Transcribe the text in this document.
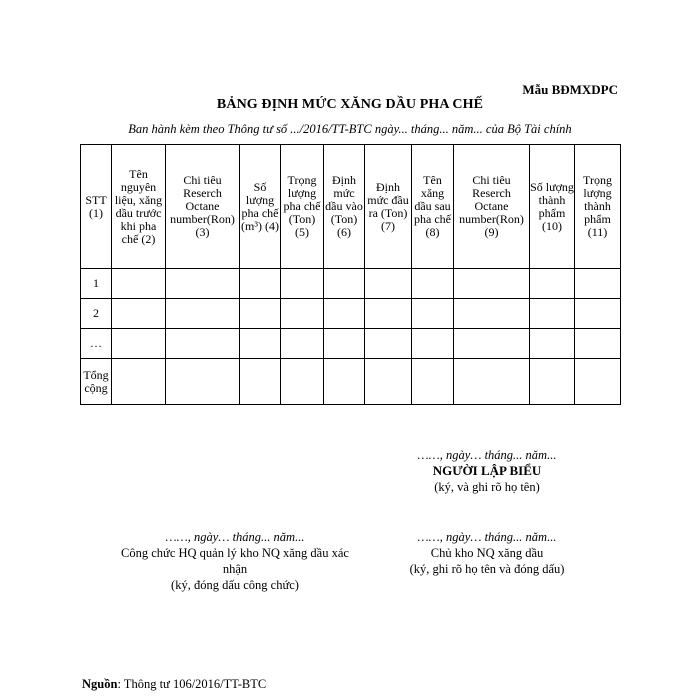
Mẫu BĐMXDPC
BẢNG ĐỊNH MỨC XĂNG DẦU PHA CHẾ
Ban hành kèm theo Thông tư số .../2016/TT-BTC ngày... tháng... năm... của Bộ Tài chính
STT (1)	Tên nguyên liệu, xăng dầu trước khi pha chế (2)	Chi tiêu Reserch Octane number(Ron) (3)	Số lượng pha chế (m³) (4)	Trọng lượng pha chế (Ton) (5)	Định mức dầu vào (Ton) (6)	Định mức đầu ra (Ton) (7)	Tên xăng dầu sau pha chế (8)	Chi tiêu Reserch Octane number(Ron) (9)	Số lượng thành phẩm (10)	Trọng lượng thành phẩm (11)
1										
2										
…										
Tổng cộng										
……, ngày… tháng... năm...
NGƯỜI LẬP BIỂU
(ký, và ghi rõ họ tên)
……, ngày… tháng... năm...
Công chức HQ quản lý kho NQ xăng dầu xác nhận
(ký, đóng dấu công chức)
……, ngày… tháng... năm...
Chủ kho NQ xăng dầu
(ký, ghi rõ họ tên và đóng dấu)
Nguồn: Thông tư 106/2016/TT-BTC
